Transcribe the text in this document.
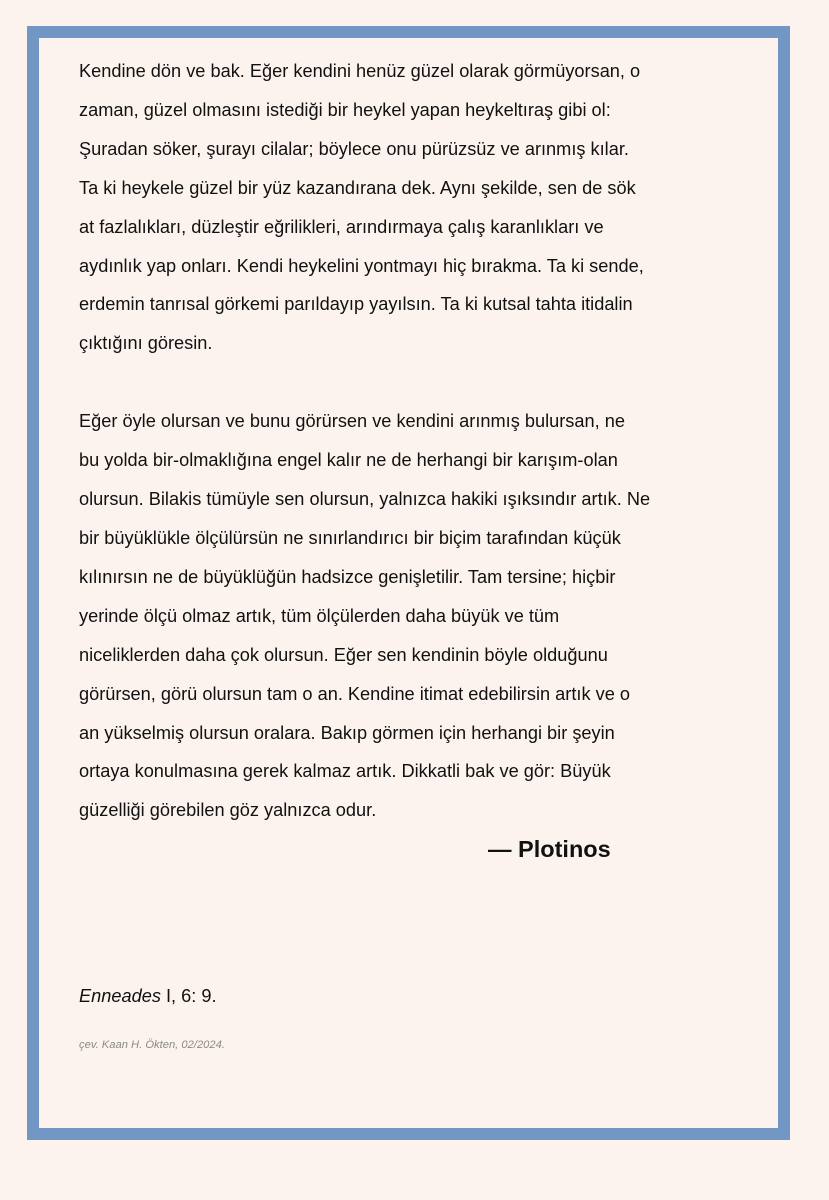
Kendine dön ve bak. Eğer kendini henüz güzel olarak görmüyorsan, o
zaman, güzel olmasını istediği bir heykel yapan heykeltıraş gibi ol:
Şuradan söker, şurayı cilalar; böylece onu pürüzsüz ve arınmış kılar.
Ta ki heykele güzel bir yüz kazandırana dek. Aynı şekilde, sen de sök
at fazlalıkları, düzleştir eğrilikleri, arındırmaya çalış karanlıkları ve
aydınlık yap onları. Kendi heykelini yontmayı hiç bırakma. Ta ki sende,
erdemin tanrısal görkemi parıldayıp yayılsın. Ta ki kutsal tahta itidalin
çıktığını göresin.

Eğer öyle olursan ve bunu görürsen ve kendini arınmış bulursan, ne
bu yolda bir-olmaklığına engel kalır ne de herhangi bir karışım-olan
olursun. Bilakis tümüyle sen olursun, yalnızca hakiki ışıksındır artık. Ne
bir büyüklükle ölçülürsün ne sınırlandırıcı bir biçim tarafından küçük
kılınırsın ne de büyüklüğün hadsizce genişletilir. Tam tersine; hiçbir
yerinde ölçü olmaz artık, tüm ölçülerden daha büyük ve tüm
niceliklerden daha çok olursun. Eğer sen kendinin böyle olduğunu
görürsen, görü olursun tam o an. Kendine itimat edebilirsin artık ve o
an yükselmiş olursun oralara. Bakıp görmen için herhangi bir şeyin
ortaya konulmasına gerek kalmaz artık. Dikkatli bak ve gör: Büyük
güzelliği görebilen göz yalnızca odur.

— Plotinos
Enneades I, 6: 9.
çev. Kaan H. Ökten, 02/2024.
